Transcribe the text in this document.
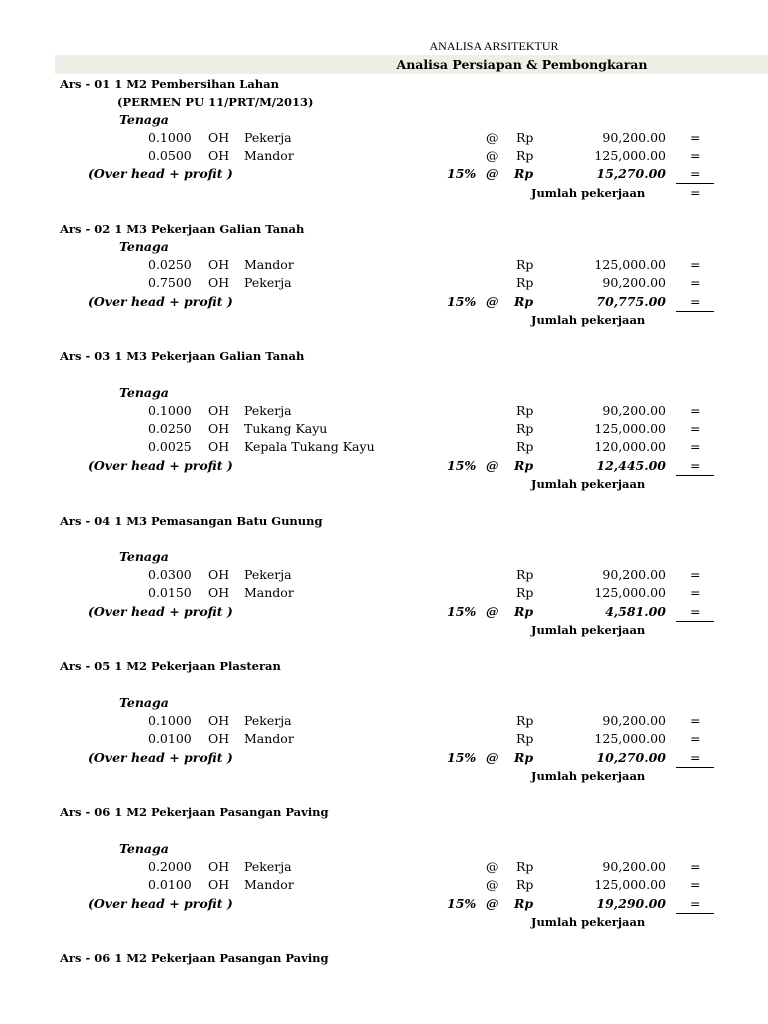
ANALISA ARSITEKTUR
Analisa Persiapan & Pembongkaran
Ars - 01 1 M2 Pembersihan Lahan
(PERMEN PU 11/PRT/M/2013)
Tenaga
0.1000 OH Pekerja	@ Rp	90,200.00 =
0.0500 OH Mandor	@ Rp	125,000.00 =
(Over head + profit )	15% @ Rp	15,270.00 =
Jumlah pekerjaan	=
Ars - 02 1 M3 Pekerjaan Galian Tanah
Tenaga
0.0250 OH Mandor	Rp	125,000.00 =
0.7500 OH Pekerja	Rp	90,200.00 =
(Over head + profit )	15% @ Rp	70,775.00 =
Jumlah pekerjaan
Ars - 03 1 M3 Pekerjaan Galian Tanah
Tenaga
0.1000 OH Pekerja	Rp	90,200.00 =
0.0250 OH Tukang Kayu	Rp	125,000.00 =
0.0025 OH Kepala Tukang Kayu	Rp	120,000.00 =
(Over head + profit )	15% @ Rp	12,445.00 =
Jumlah pekerjaan
Ars - 04 1 M3 Pemasangan Batu Gunung
Tenaga
0.0300 OH Pekerja	Rp	90,200.00 =
0.0150 OH Mandor	Rp	125,000.00 =
(Over head + profit )	15% @ Rp	4,581.00 =
Jumlah pekerjaan
Ars - 05 1 M2 Pekerjaan Plasteran
Tenaga
0.1000 OH Pekerja	Rp	90,200.00 =
0.0100 OH Mandor	Rp	125,000.00 =
(Over head + profit )	15% @ Rp	10,270.00 =
Jumlah pekerjaan
Ars - 06 1 M2 Pekerjaan Pasangan Paving
Tenaga
0.2000 OH Pekerja	@ Rp	90,200.00 =
0.0100 OH Mandor	@ Rp	125,000.00 =
(Over head + profit )	15% @ Rp	19,290.00 =
Jumlah pekerjaan
Ars - 06 1 M2 Pekerjaan Pasangan Paving
